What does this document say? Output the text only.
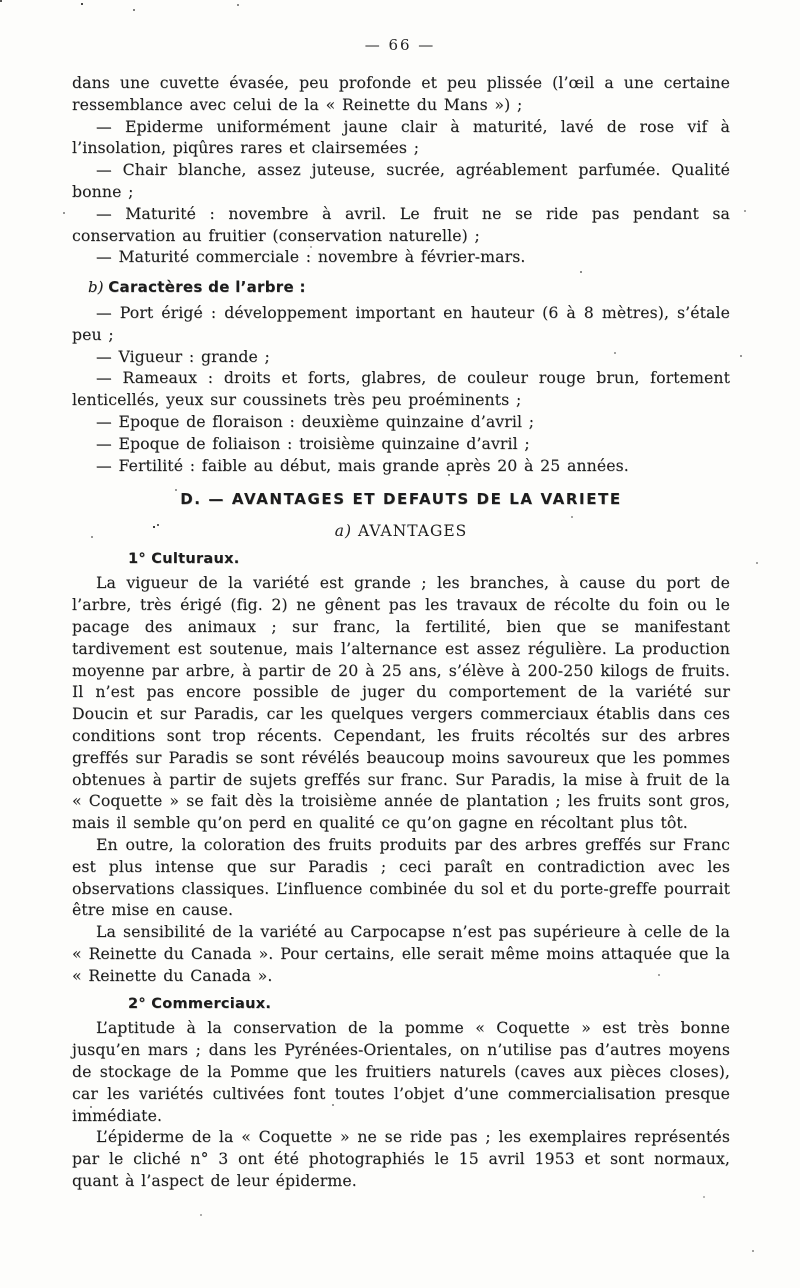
— 66 —

dans une cuvette évasée, peu profonde et peu plissée (l’œil a une certaine ressemblance avec celui de la « Reinette du Mans ») ;

— Epiderme uniformément jaune clair à maturité, lavé de rose vif à l’insolation, piqûres rares et clairsemées ;

— Chair blanche, assez juteuse, sucrée, agréablement parfumée. Qualité bonne ;

— Maturité : novembre à avril. Le fruit ne se ride pas pendant sa conservation au fruitier (conservation naturelle) ;

— Maturité commerciale : novembre à février-mars.

b) Caractères de l’arbre :

— Port érigé : développement important en hauteur (6 à 8 mètres), s’étale peu ;

— Vigueur : grande ;

— Rameaux : droits et forts, glabres, de couleur rouge brun, fortement lenticellés, yeux sur coussinets très peu proéminents ;

— Epoque de floraison : deuxième quinzaine d’avril ;

— Epoque de foliaison : troisième quinzaine d’avril ;

— Fertilité : faible au début, mais grande après 20 à 25 années.

D. — AVANTAGES ET DEFAUTS DE LA VARIETE
a) AVANTAGES
1° Culturaux.

La vigueur de la variété est grande ; les branches, à cause du port de l’arbre, très érigé (fig. 2) ne gênent pas les travaux de récolte du foin ou le pacage des animaux ; sur franc, la fertilité, bien que se manifestant tardivement est soutenue, mais l’alternance est assez régulière. La production moyenne par arbre, à partir de 20 à 25 ans, s’élève à 200-250 kilogs de fruits. Il n’est pas encore possible de juger du comportement de la variété sur Doucin et sur Paradis, car les quelques vergers commerciaux établis dans ces conditions sont trop récents. Cependant, les fruits récoltés sur des arbres greffés sur Paradis se sont révélés beaucoup moins savoureux que les pommes obtenues à partir de sujets greffés sur franc. Sur Paradis, la mise à fruit de la « Coquette » se fait dès la troisième année de plantation ; les fruits sont gros, mais il semble qu’on perd en qualité ce qu’on gagne en récoltant plus tôt.

En outre, la coloration des fruits produits par des arbres greffés sur Franc est plus intense que sur Paradis ; ceci paraît en contradiction avec les observations classiques. L’influence combinée du sol et du porte-greffe pourrait être mise en cause.

La sensibilité de la variété au Carpocapse n’est pas supérieure à celle de la « Reinette du Canada ». Pour certains, elle serait même moins attaquée que la « Reinette du Canada ».

2° Commerciaux.

L’aptitude à la conservation de la pomme « Coquette » est très bonne jusqu’en mars ; dans les Pyrénées-Orientales, on n’utilise pas d’autres moyens de stockage de la Pomme que les fruitiers naturels (caves aux pièces closes), car les variétés cultivées font toutes l’objet d’une commercialisation presque immédiate.

L’épiderme de la « Coquette » ne se ride pas ; les exemplaires représentés par le cliché n° 3 ont été photographiés le 15 avril 1953 et sont normaux, quant à l’aspect de leur épiderme.
